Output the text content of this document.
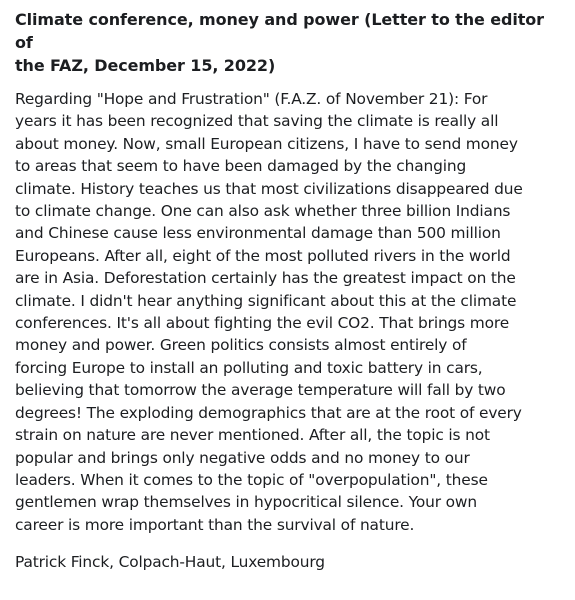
Climate conference, money and power (Letter to the editor of
the FAZ, December 15, 2022)
Regarding "Hope and Frustration" (F.A.Z. of November 21): For
years it has been recognized that saving the climate is really all
about money. Now, small European citizens, I have to send money
to areas that seem to have been damaged by the changing
climate. History teaches us that most civilizations disappeared due
to climate change. One can also ask whether three billion Indians
and Chinese cause less environmental damage than 500 million
Europeans. After all, eight of the most polluted rivers in the world
are in Asia. Deforestation certainly has the greatest impact on the
climate. I didn't hear anything significant about this at the climate
conferences. It's all about fighting the evil CO2. That brings more
money and power. Green politics consists almost entirely of
forcing Europe to install an polluting and toxic battery in cars,
believing that tomorrow the average temperature will fall by two
degrees! The exploding demographics that are at the root of every
strain on nature are never mentioned. After all, the topic is not
popular and brings only negative odds and no money to our
leaders. When it comes to the topic of "overpopulation", these
gentlemen wrap themselves in hypocritical silence. Your own
career is more important than the survival of nature.
Patrick Finck, Colpach-Haut, Luxembourg
